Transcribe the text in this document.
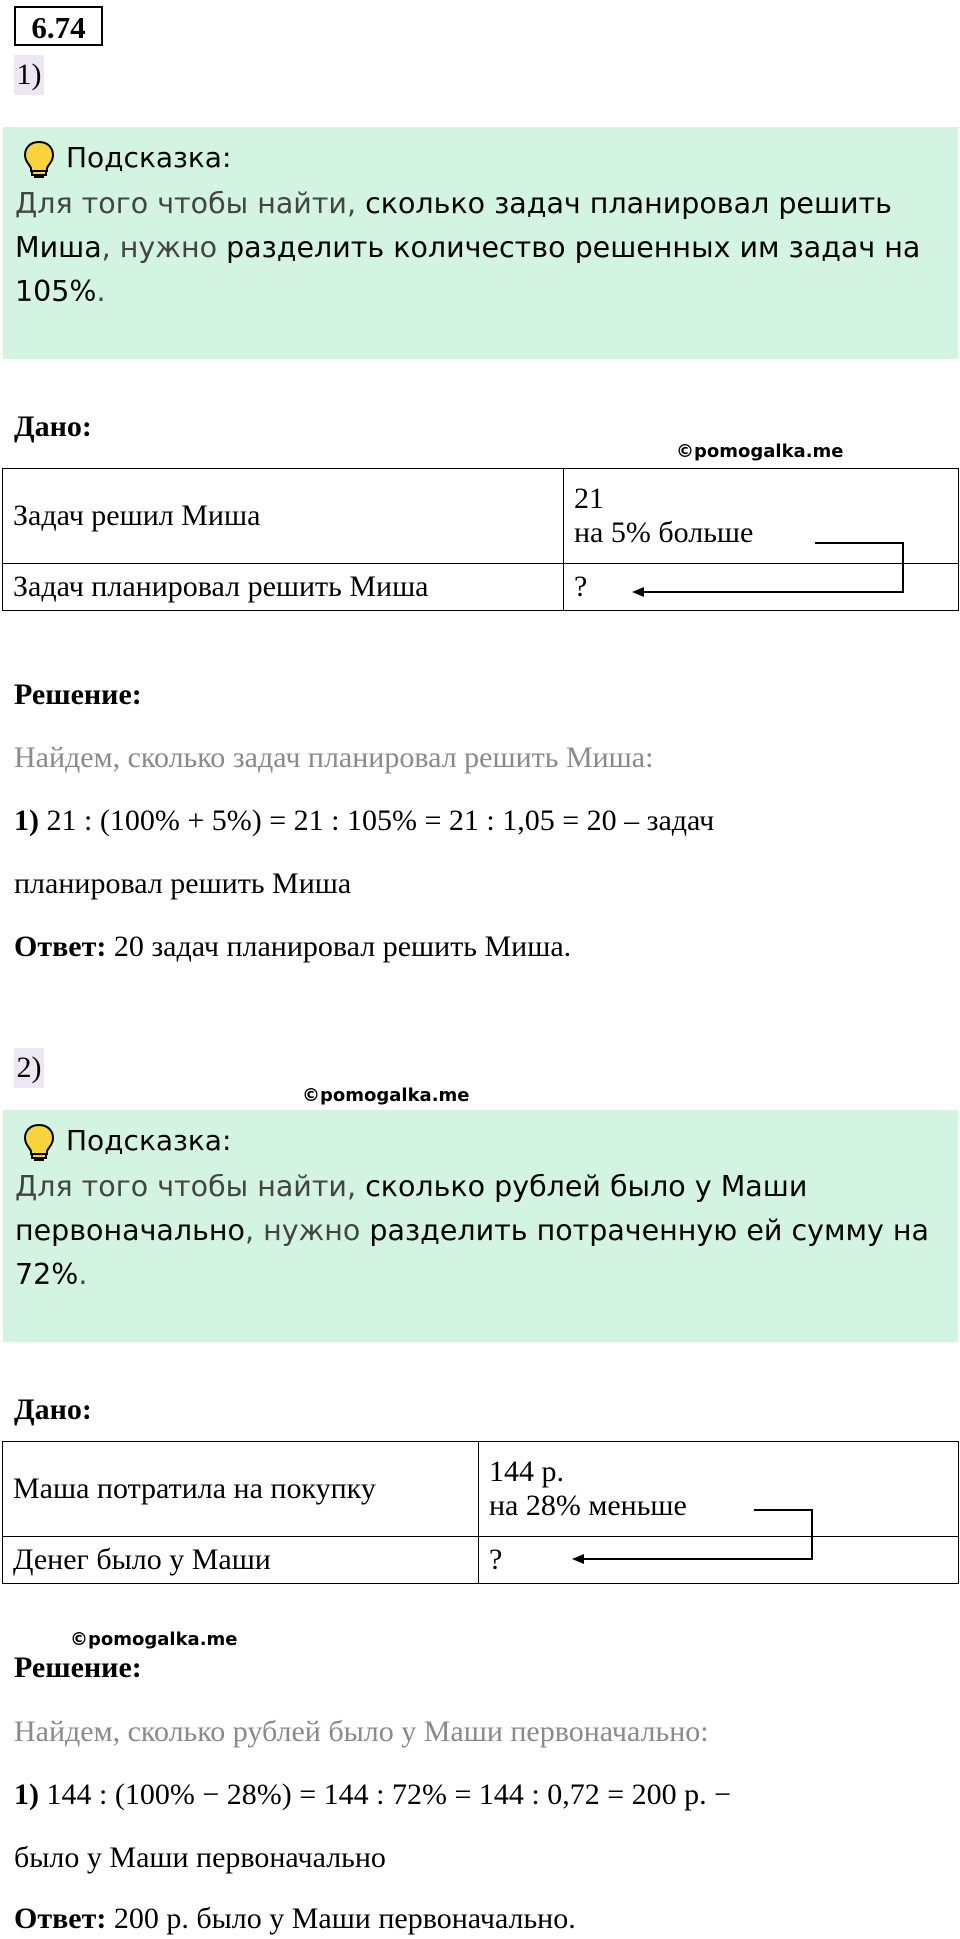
6.74
1)
Подсказка:
Для того чтобы найти, сколько задач планировал решить Миша, нужно разделить количество решенных им задач на 105%.
Дано:
©pomogalka.me
Задач решил Миша	21
на 5% больше

Задач планировал решить Миша	?
Решение:
Найдем, сколько задач планировал решить Миша:
1) 21 : (100% + 5%) = 21 : 105% = 21 : 1,05 = 20 – задач
планировал решить Миша
Ответ: 20 задач планировал решить Миша.
2)
©pomogalka.me
Подсказка:
Для того чтобы найти, сколько рублей было у Маши первоначально, нужно разделить потраченную ей сумму на 72%.
Дано:
Маша потратила на покупку	144 р.
на 28% меньше

Денег было у Маши	?
©pomogalka.me
Решение:
Найдем, сколько рублей было у Маши первоначально:
1) 144 : (100% − 28%) = 144 : 72% = 144 : 0,72 = 200 р. −
было у Маши первоначально
Ответ: 200 р. было у Маши первоначально.
